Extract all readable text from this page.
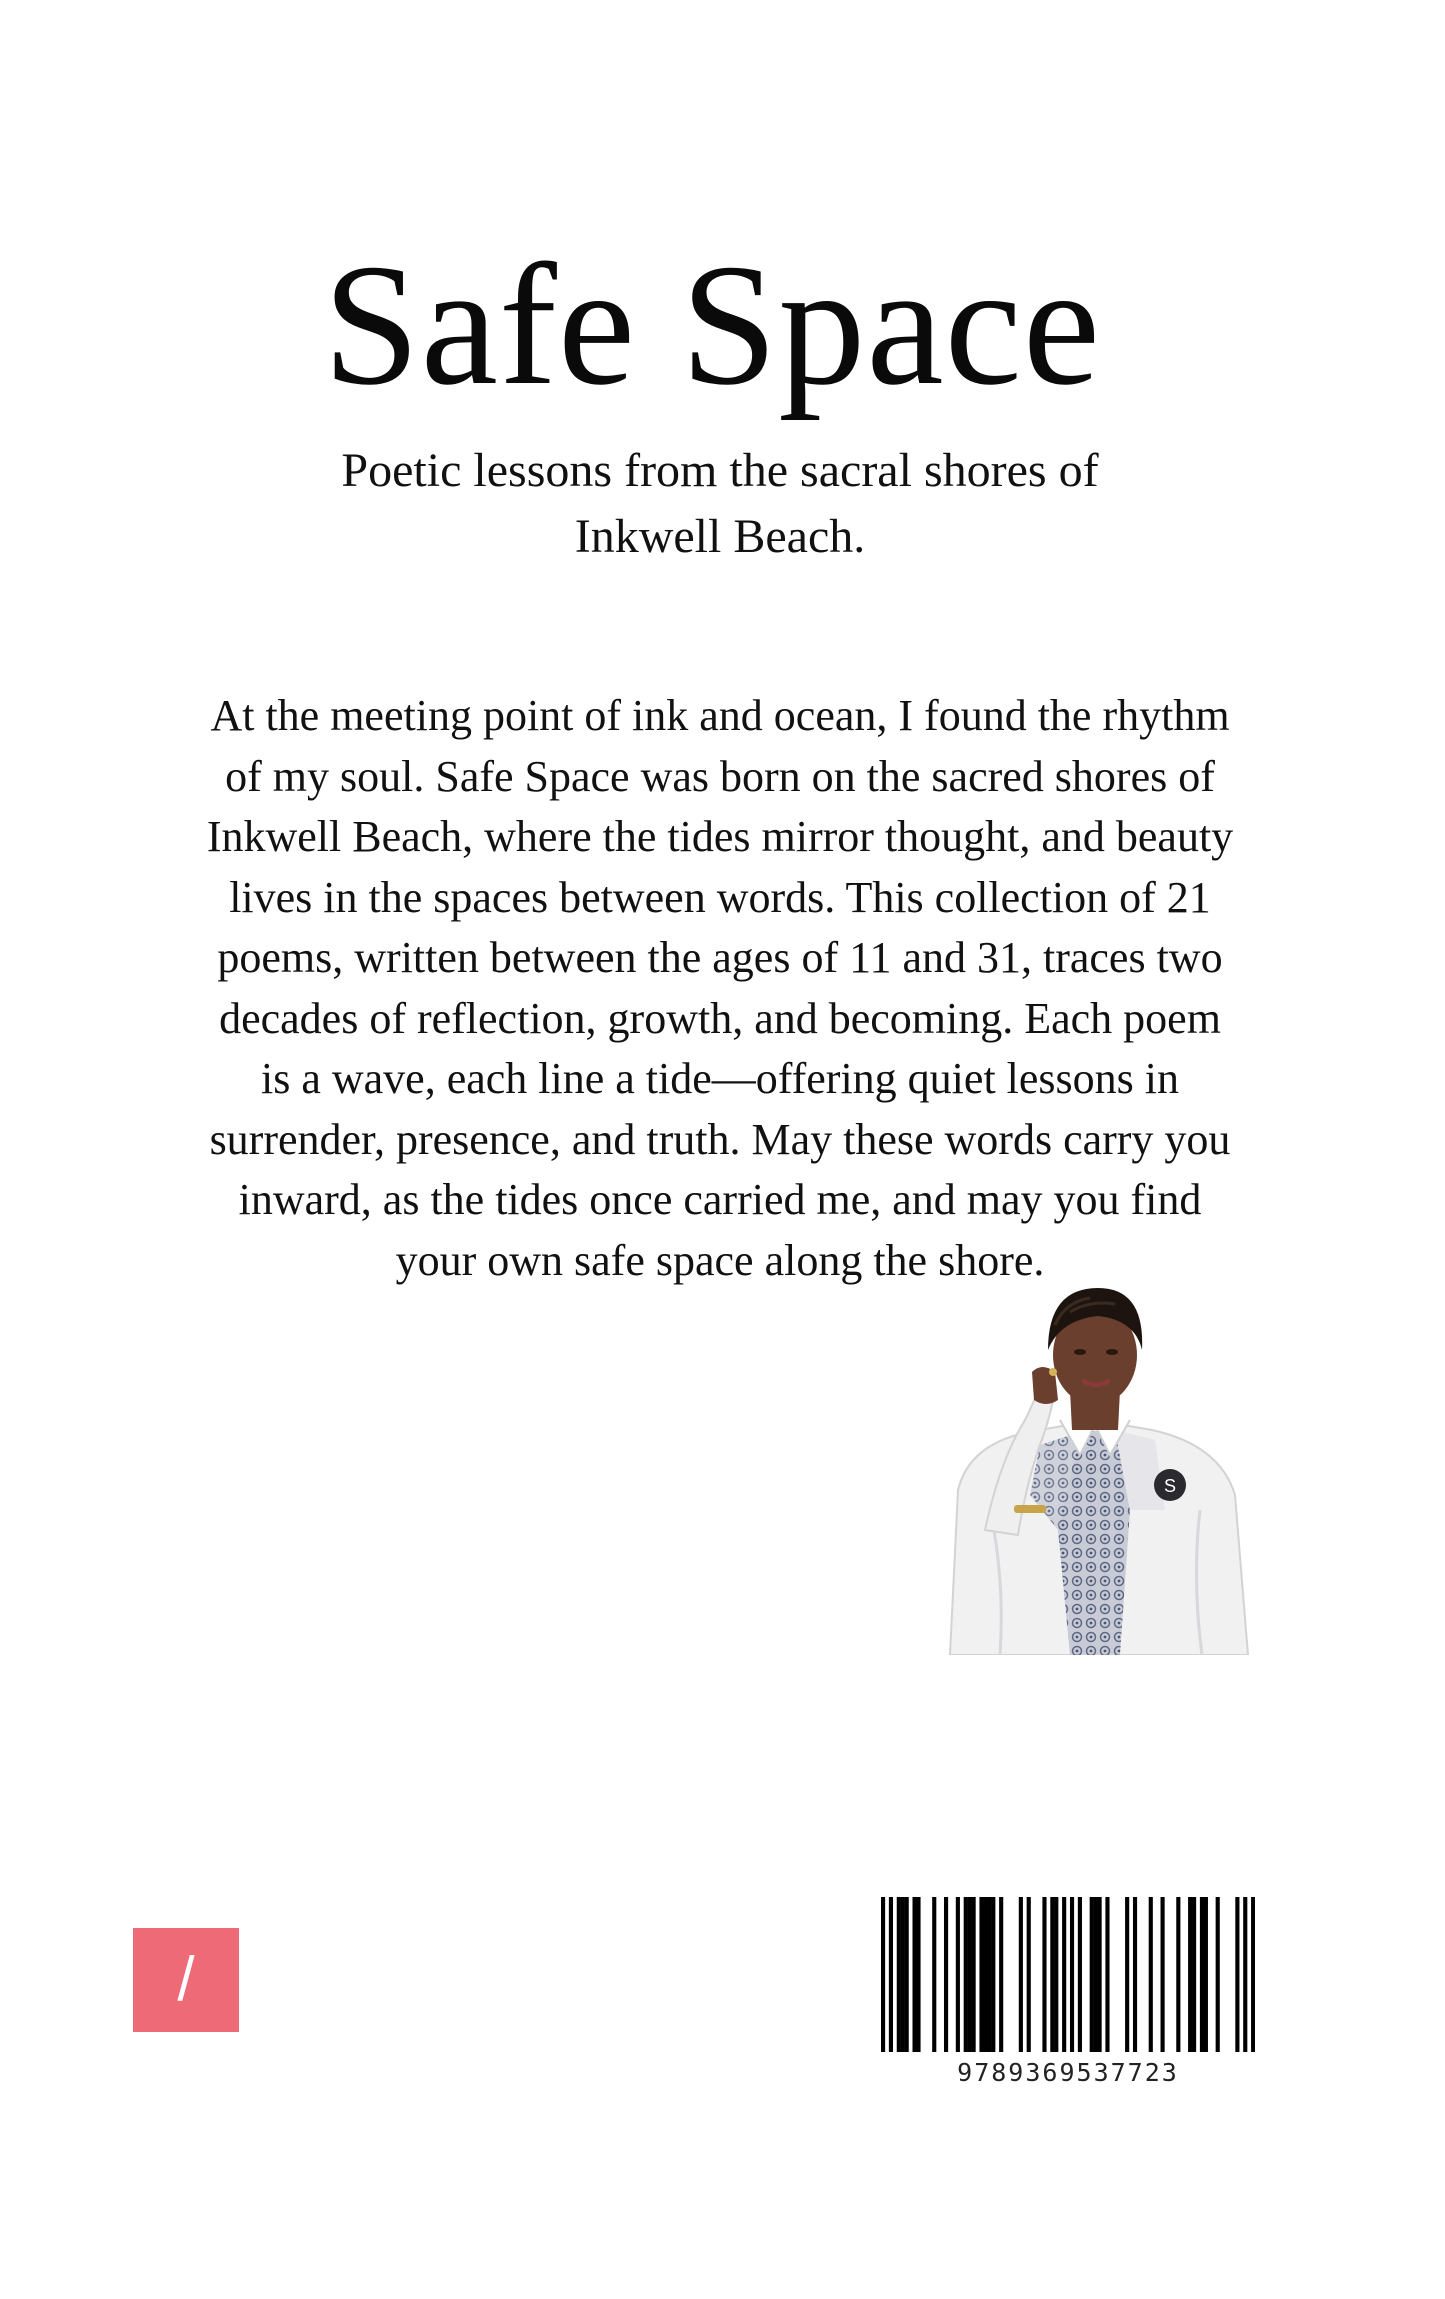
Safe Space
Poetic lessons from the sacral shores of
Inkwell Beach.
At the meeting point of ink and ocean, I found the rhythm
of my soul. Safe Space was born on the sacred shores of
Inkwell Beach, where the tides mirror thought, and beauty
lives in the spaces between words. This collection of 21
poems, written between the ages of 11 and 31, traces two
decades of reflection, growth, and becoming. Each poem
is a wave, each line a tide—offering quiet lessons in
surrender, presence, and truth. May these words carry you
inward, as the tides once carried me, and may you find
your own safe space along the shore.
S
/
9789369537723
